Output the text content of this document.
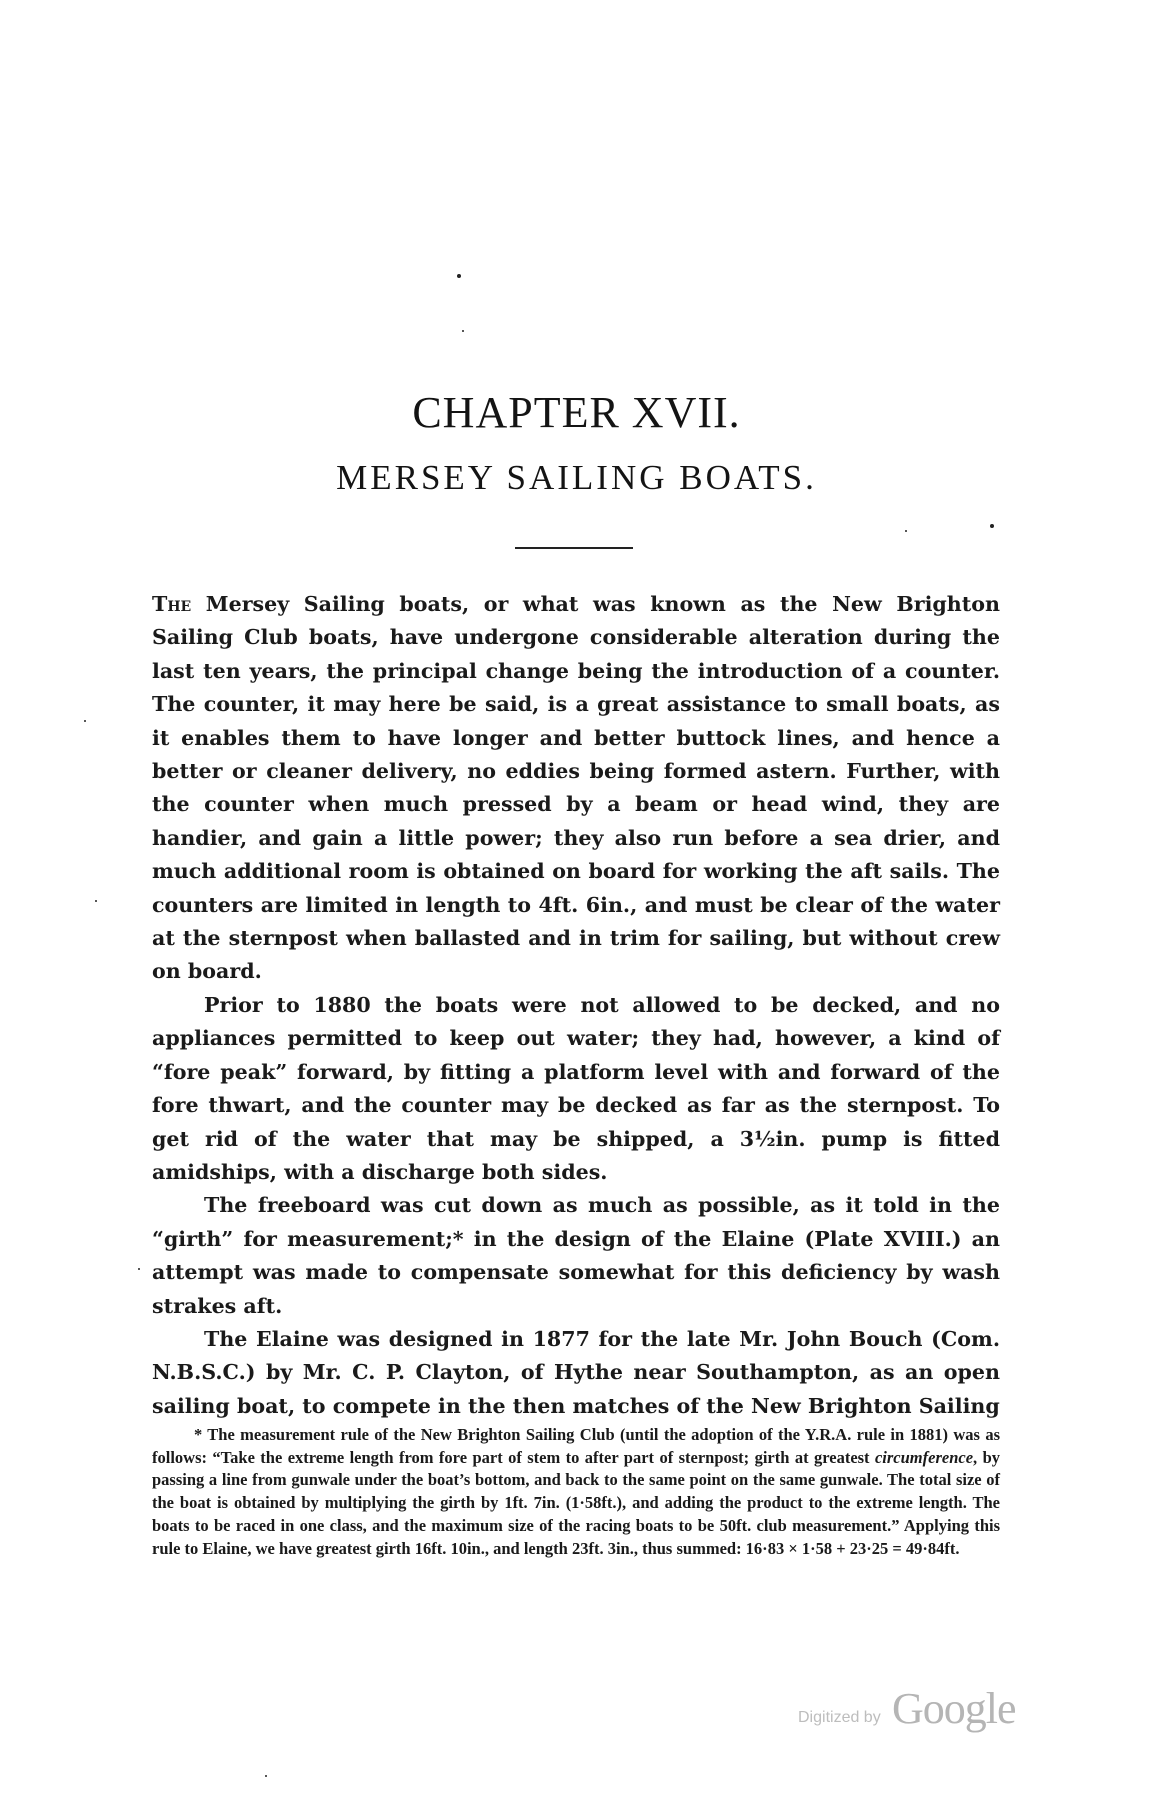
CHAPTER XVII.
MERSEY SAILING BOATS.

The Mersey Sailing boats, or what was known as the New Brighton Sailing Club boats, have undergone considerable alteration during the last ten years, the principal change being the introduction of a counter. The counter, it may here be said, is a great assistance to small boats, as it enables them to have longer and better buttock lines, and hence a better or cleaner delivery, no eddies being formed astern. Further, with the counter when much pressed by a beam or head wind, they are handier, and gain a little power; they also run before a sea drier, and much additional room is obtained on board for working the aft sails. The counters are limited in length to 4ft. 6in., and must be clear of the water at the sternpost when ballasted and in trim for sailing, but without crew on board.

Prior to 1880 the boats were not allowed to be decked, and no appliances permitted to keep out water; they had, however, a kind of “fore peak” forward, by fitting a platform level with and forward of the fore thwart, and the counter may be decked as far as the sternpost. To get rid of the water that may be shipped, a 3½in. pump is fitted amidships, with a discharge both sides.

The freeboard was cut down as much as possible, as it told in the “girth” for measurement;* in the design of the Elaine (Plate XVIII.) an attempt was made to compensate somewhat for this deficiency by wash strakes aft.

The Elaine was designed in 1877 for the late Mr. John Bouch (Com. N.B.S.C.) by Mr. C. P. Clayton, of Hythe near Southampton, as an open sailing boat, to compete in the then matches of the New Brighton Sailing

* The measurement rule of the New Brighton Sailing Club (until the adoption of the Y.R.A. rule in 1881) was as follows: “Take the extreme length from fore part of stem to after part of sternpost; girth at greatest circumference, by passing a line from gunwale under the boat’s bottom, and back to the same point on the same gunwale. The total size of the boat is obtained by multiplying the girth by 1ft. 7in. (1·58ft.), and adding the product to the extreme length. The boats to be raced in one class, and the maximum size of the racing boats to be 50ft. club measurement.” Applying this rule to Elaine, we have greatest girth 16ft. 10in., and length 23ft. 3in., thus summed: 16·83 × 1·58 + 23·25 = 49·84ft.

Digitized by Google
